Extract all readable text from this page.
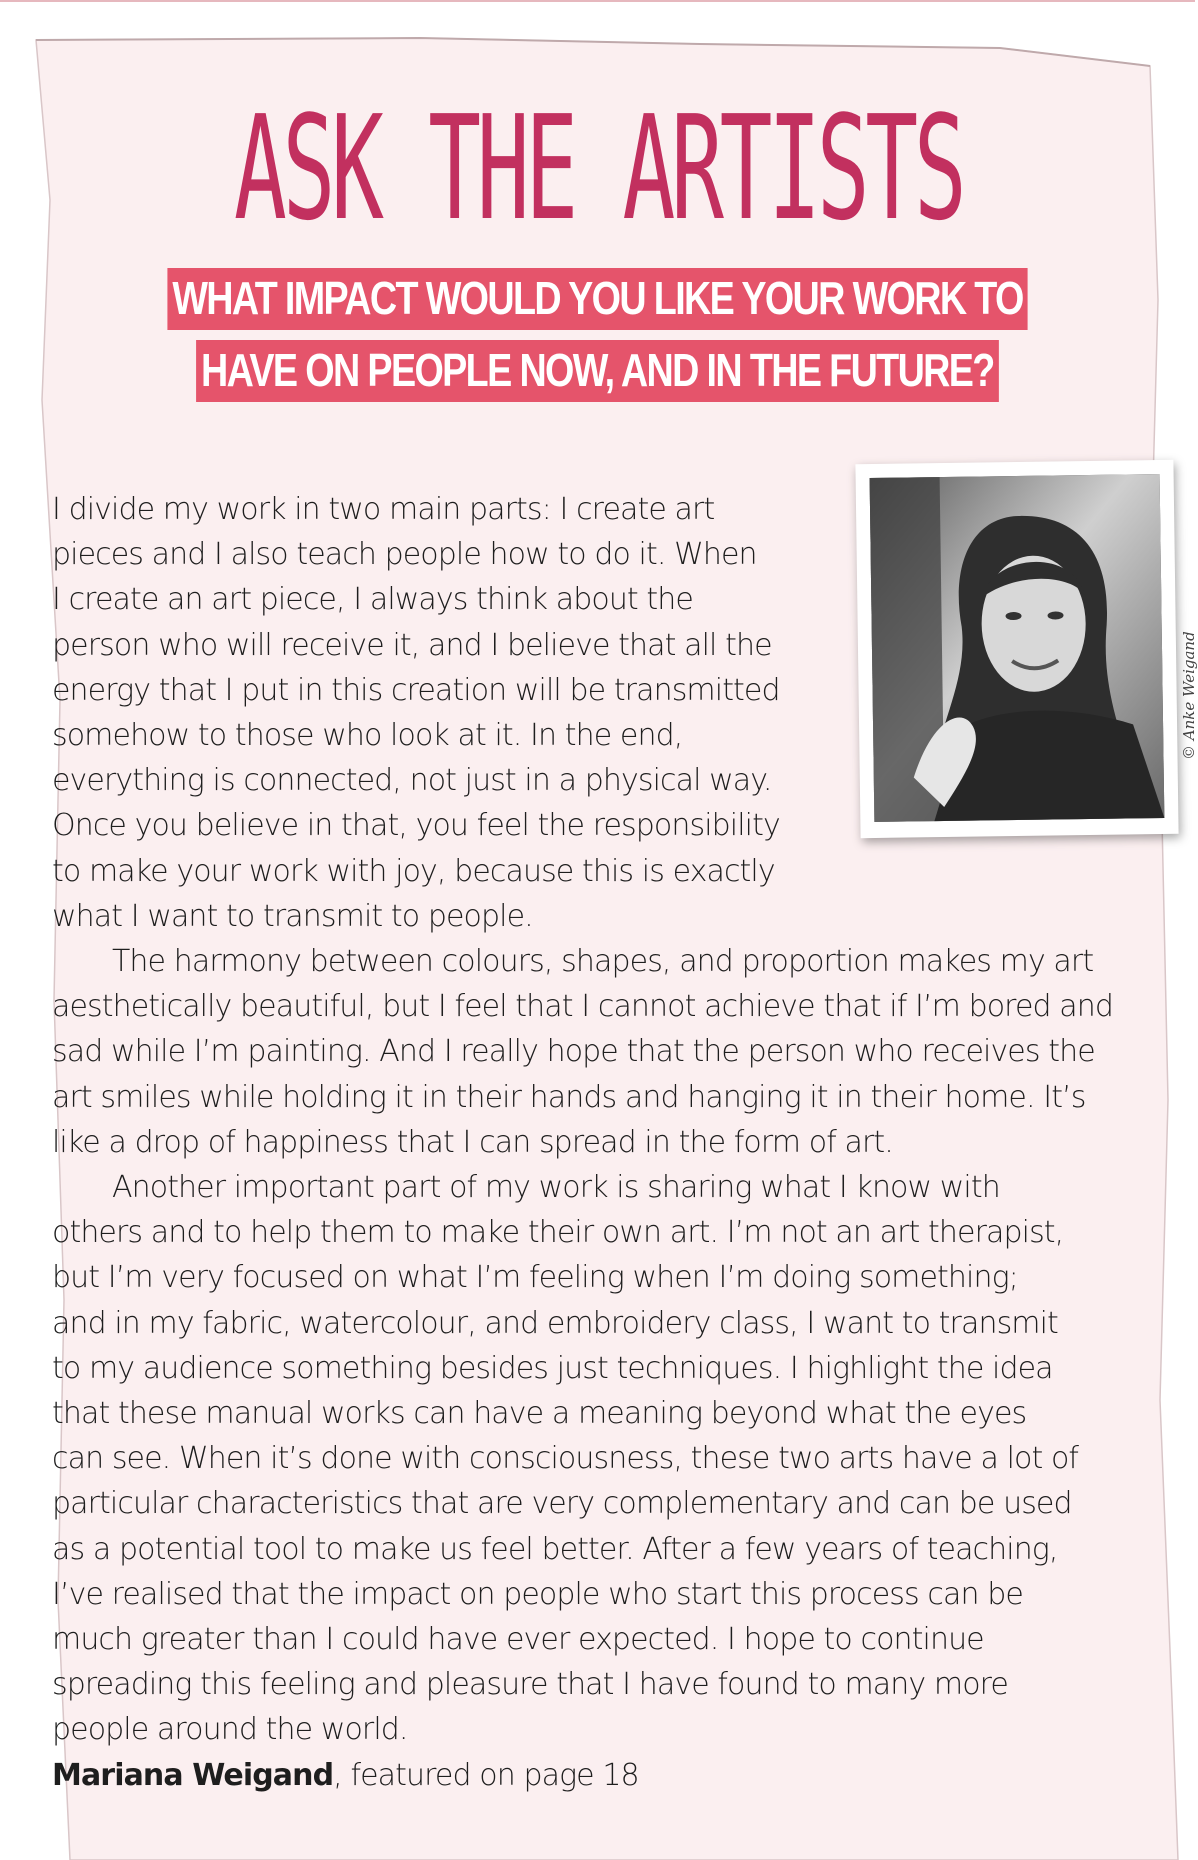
ASK THE ARTISTS
WHAT IMPACT WOULD YOU LIKE YOUR WORK TO
HAVE ON PEOPLE NOW, AND IN THE FUTURE?
© Anke Weigand
I divide my work in two main parts: I create art
pieces and I also teach people how to do it. When
I create an art piece, I always think about the
person who will receive it, and I believe that all the
energy that I put in this creation will be transmitted
somehow to those who look at it. In the end,
everything is connected, not just in a physical way.
Once you believe in that, you feel the responsibility
to make your work with joy, because this is exactly
what I want to transmit to people.
The harmony between colours, shapes, and proportion makes my art
aesthetically beautiful, but I feel that I cannot achieve that if I’m bored and
sad while I’m painting. And I really hope that the person who receives the
art smiles while holding it in their hands and hanging it in their home. It’s
like a drop of happiness that I can spread in the form of art.
Another important part of my work is sharing what I know with
others and to help them to make their own art. I’m not an art therapist,
but I’m very focused on what I’m feeling when I’m doing something;
and in my fabric, watercolour, and embroidery class, I want to transmit
to my audience something besides just techniques. I highlight the idea
that these manual works can have a meaning beyond what the eyes
can see. When it’s done with consciousness, these two arts have a lot of
particular characteristics that are very complementary and can be used
as a potential tool to make us feel better. After a few years of teaching,
I’ve realised that the impact on people who start this process can be
much greater than I could have ever expected. I hope to continue
spreading this feeling and pleasure that I have found to many more
people around the world.
Mariana Weigand, featured on page 18
